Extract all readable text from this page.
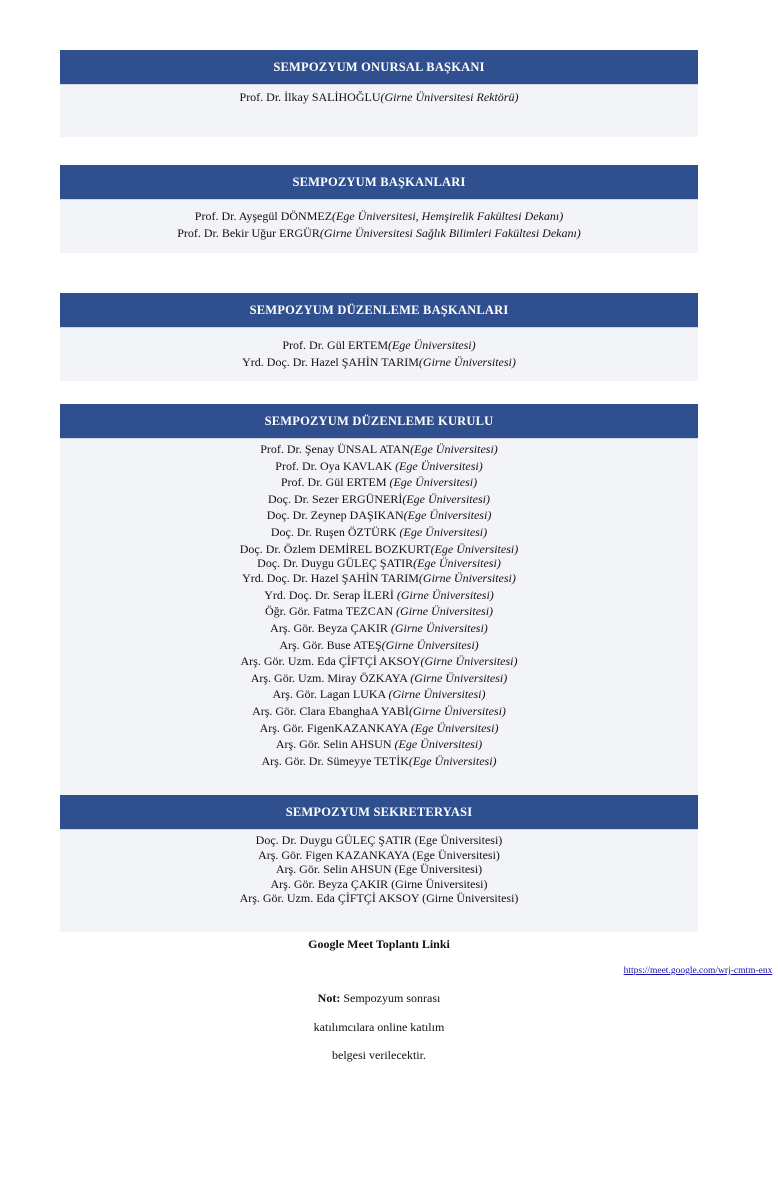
SEMPOZYUM ONURSAL BAŞKANI
Prof. Dr. İlkay SALİHOĞLU(Girne Üniversitesi Rektörü)
SEMPOZYUM BAŞKANLARI
Prof. Dr. Ayşegül DÖNMEZ(Ege Üniversitesi, Hemşirelik Fakültesi Dekanı)
Prof. Dr. Bekir Uğur ERGÜR(Girne Üniversitesi Sağlık Bilimleri Fakültesi Dekanı)
SEMPOZYUM DÜZENLEME BAŞKANLARI
Prof. Dr. Gül ERTEM(Ege Üniversitesi)
Yrd. Doç. Dr. Hazel ŞAHİN TARIM(Girne Üniversitesi)
SEMPOZYUM DÜZENLEME KURULU
Prof. Dr. Şenay ÜNSAL ATAN(Ege Üniversitesi)
Prof. Dr. Oya KAVLAK (Ege Üniversitesi)
Prof. Dr. Gül ERTEM (Ege Üniversitesi)
Doç. Dr. Sezer ERGÜNERİ(Ege Üniversitesi)
Doç. Dr. Zeynep DAŞIKAN(Ege Üniversitesi)
Doç. Dr. Ruşen ÖZTÜRK (Ege Üniversitesi)
Doç. Dr. Özlem DEMİREL BOZKURT(Ege Üniversitesi)
Doç. Dr. Duygu GÜLEÇ ŞATIR(Ege Üniversitesi)
Yrd. Doç. Dr. Hazel ŞAHİN TARIM(Girne Üniversitesi)
Yrd. Doç. Dr. Serap İLERİ (Girne Üniversitesi)
Öğr. Gör. Fatma TEZCAN (Girne Üniversitesi)
Arş. Gör. Beyza ÇAKIR (Girne Üniversitesi)
Arş. Gör. Buse ATEŞ(Girne Üniversitesi)
Arş. Gör. Uzm. Eda ÇİFTÇİ AKSOY(Girne Üniversitesi)
Arş. Gör. Uzm. Miray ÖZKAYA (Girne Üniversitesi)
Arş. Gör. Lagan LUKA (Girne Üniversitesi)
Arş. Gör. Clara EbanghaA YABİ(Girne Üniversitesi)
Arş. Gör. FigenKAZANKAYA (Ege Üniversitesi)
Arş. Gör. Selin AHSUN (Ege Üniversitesi)
Arş. Gör. Dr. Sümeyye TETİK(Ege Üniversitesi)
SEMPOZYUM SEKRETERYASI
Doç. Dr. Duygu GÜLEÇ ŞATIR (Ege Üniversitesi)
Arş. Gör. Figen KAZANKAYA (Ege Üniversitesi)
Arş. Gör. Selin AHSUN (Ege Üniversitesi)
Arş. Gör. Beyza ÇAKIR (Girne Üniversitesi)
Arş. Gör. Uzm. Eda ÇİFTÇİ AKSOY (Girne Üniversitesi)
Google Meet Toplantı Linki
https://meet.google.com/wrj-cmtm-enx
Not: Sempozyum sonrası
katılımcılara online katılım
belgesi verilecektir.
